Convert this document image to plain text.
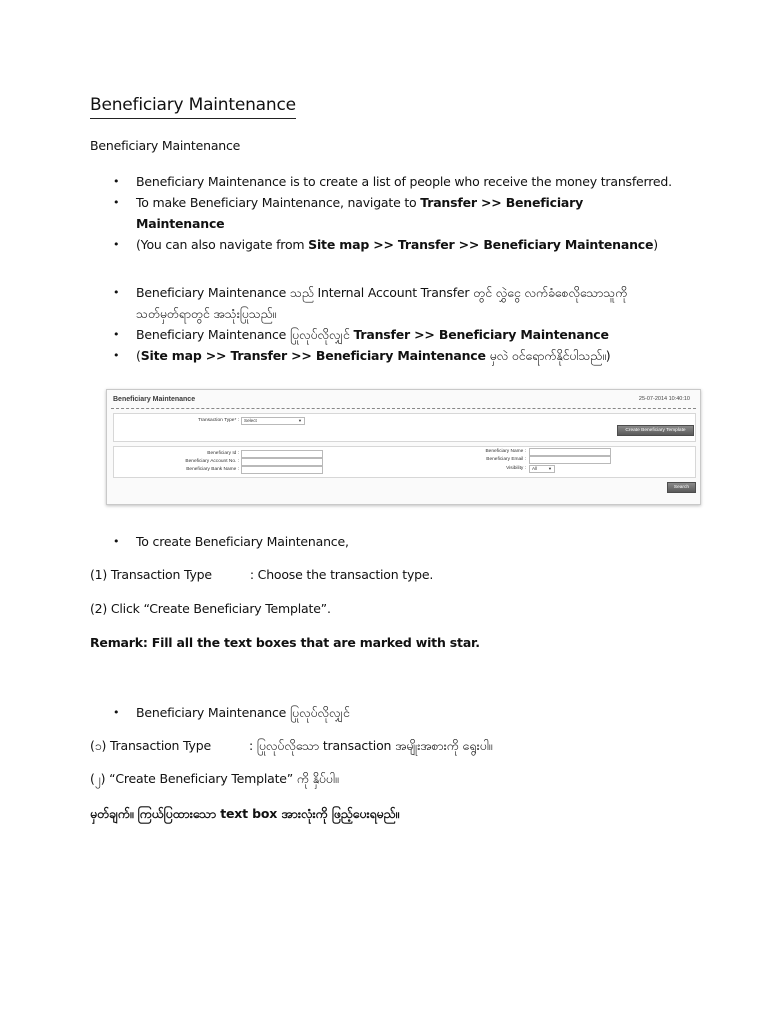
Beneficiary Maintenance
Beneficiary Maintenance
• Beneficiary Maintenance is to create a list of people who receive the money transferred.
• To make Beneficiary Maintenance, navigate to Transfer >> Beneficiary Maintenance
• (You can also navigate from Site map >> Transfer >> Beneficiary Maintenance)
• Beneficiary Maintenance သည် Internal Account Transfer တွင် လွှဲငွေ လက်ခံစေလိုသောသူကို
သတ်မှတ်ရာတွင် အသုံးပြုသည်။
• Beneficiary Maintenance ပြုလုပ်လိုလျှင် Transfer >> Beneficiary Maintenance
• (Site map >> Transfer >> Beneficiary Maintenance မှလဲ ဝင်ရောက်နိုင်ပါသည်။)
Beneficiary Maintenance	25-07-2014 10:40:10
Transaction Type* :	Select	▼
Create Beneficiary Template
Beneficiary Id :
Beneficiary Account No. :
Beneficiary Bank Name :
Beneficiary Name :
Beneficiary Email :
Visibility :	All	▼
Search
• To create Beneficiary Maintenance,
(1) Transaction Type	: Choose the transaction type.
(2) Click “Create Beneficiary Template”.
Remark: Fill all the text boxes that are marked with star.
• Beneficiary Maintenance ပြုလုပ်လိုလျှင်
(၁) Transaction Type	: ပြုလုပ်လိုသော transaction အမျိုးအစားကို ရွေးပါ။
(၂) “Create Beneficiary Template” ကို နှိပ်ပါ။
မှတ်ချက်။ ကြယ်ပြထားသော text box အားလုံးကို ဖြည့်ပေးရမည်။
